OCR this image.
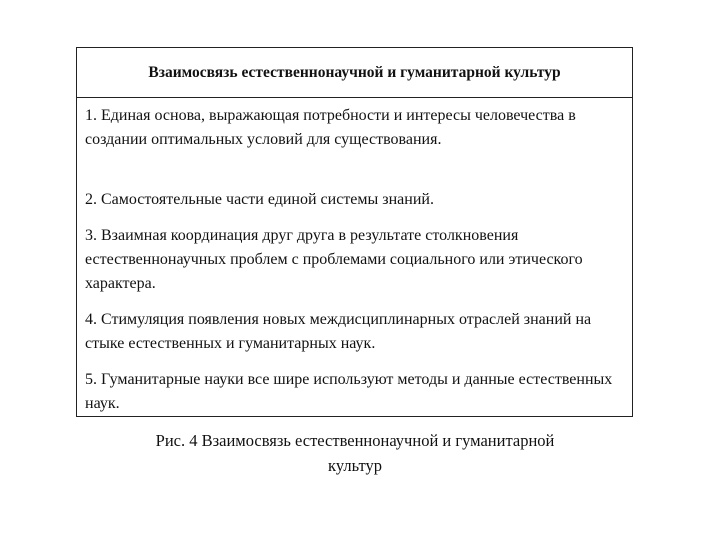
Взаимосвязь естественнонаучной и гуманитарной культур
1. Единая основа, выражающая потребности и интересы человечества в создании оптимальных условий для существования.
2. Самостоятельные части единой системы знаний.
3. Взаимная координация друг друга в результате столкновения естественнонаучных проблем с проблемами социального или этического характера.
4. Стимуляция появления новых междисциплинарных отраслей знаний на стыке естественных и гуманитарных наук.
5. Гуманитарные науки все шире используют методы и данные естественных наук.
Рис. 4 Взаимосвязь естественнонаучной и гуманитарной культур
